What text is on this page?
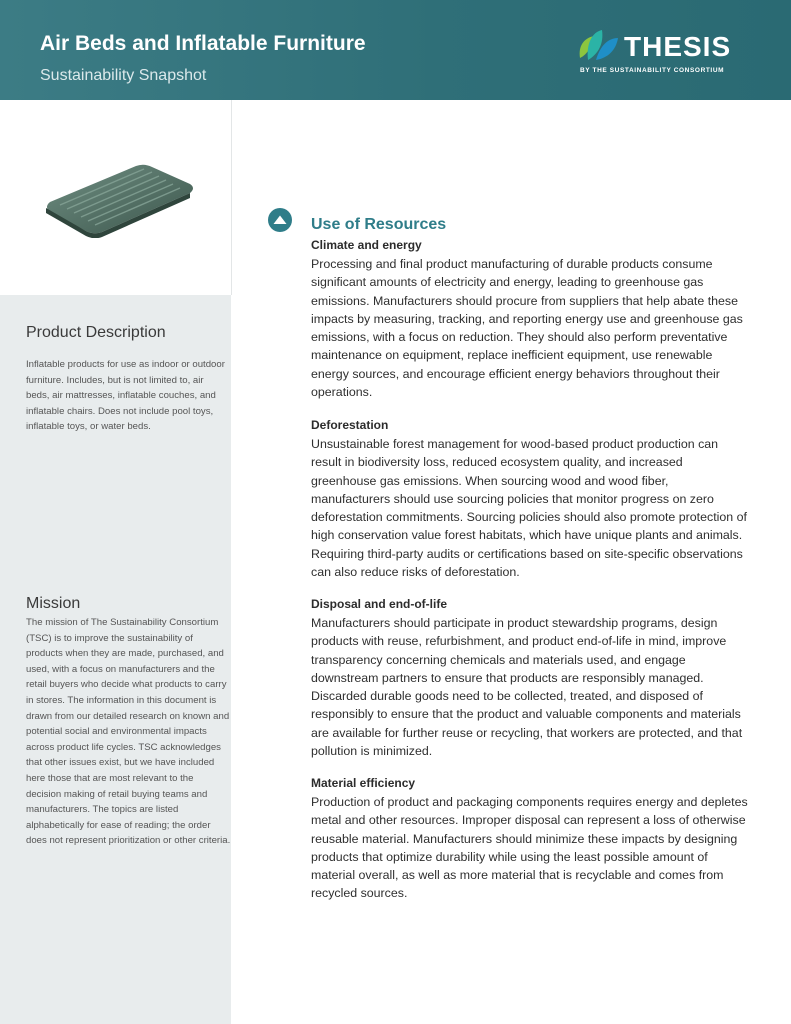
Air Beds and Inflatable Furniture
Sustainability Snapshot
THESIS
BY THE SUSTAINABILITY CONSORTIUM
Product Description
Inflatable products for use as indoor or outdoor furniture. Includes, but is not limited to, air beds, air mattresses, inflatable couches, and inflatable chairs. Does not include pool toys, inflatable toys, or water beds.
Mission
The mission of The Sustainability Consortium (TSC) is to improve the sustainability of products when they are made, purchased, and used, with a focus on manufacturers and the retail buyers who decide what products to carry in stores. The information in this document is drawn from our detailed research on known and potential social and environmental impacts across product life cycles. TSC acknowledges that other issues exist, but we have included here those that are most relevant to the decision making of retail buying teams and manufacturers. The topics are listed alphabetically for ease of reading; the order does not represent prioritization or other criteria.
Use of Resources
Climate and energy
Processing and final product manufacturing of durable products consume significant amounts of electricity and energy, leading to greenhouse gas emissions. Manufacturers should procure from suppliers that help abate these impacts by measuring, tracking, and reporting energy use and greenhouse gas emissions, with a focus on reduction. They should also perform preventative maintenance on equipment, replace inefficient equipment, use renewable energy sources, and encourage efficient energy behaviors throughout their operations.
Deforestation
Unsustainable forest management for wood-based product production can result in biodiversity loss, reduced ecosystem quality, and increased greenhouse gas emissions. When sourcing wood and wood fiber, manufacturers should use sourcing policies that monitor progress on zero deforestation commitments. Sourcing policies should also promote protection of high conservation value forest habitats, which have unique plants and animals. Requiring third-party audits or certifications based on site-specific observations can also reduce risks of deforestation.
Disposal and end-of-life
Manufacturers should participate in product stewardship programs, design products with reuse, refurbishment, and product end-of-life in mind, improve transparency concerning chemicals and materials used, and engage downstream partners to ensure that products are responsibly managed. Discarded durable goods need to be collected, treated, and disposed of responsibly to ensure that the product and valuable components and materials are available for further reuse or recycling, that workers are protected, and that pollution is minimized.
Material efficiency
Production of product and packaging components requires energy and depletes metal and other resources. Improper disposal can represent a loss of otherwise reusable material. Manufacturers should minimize these impacts by designing products that optimize durability while using the least possible amount of material overall, as well as more material that is recyclable and comes from recycled sources.
